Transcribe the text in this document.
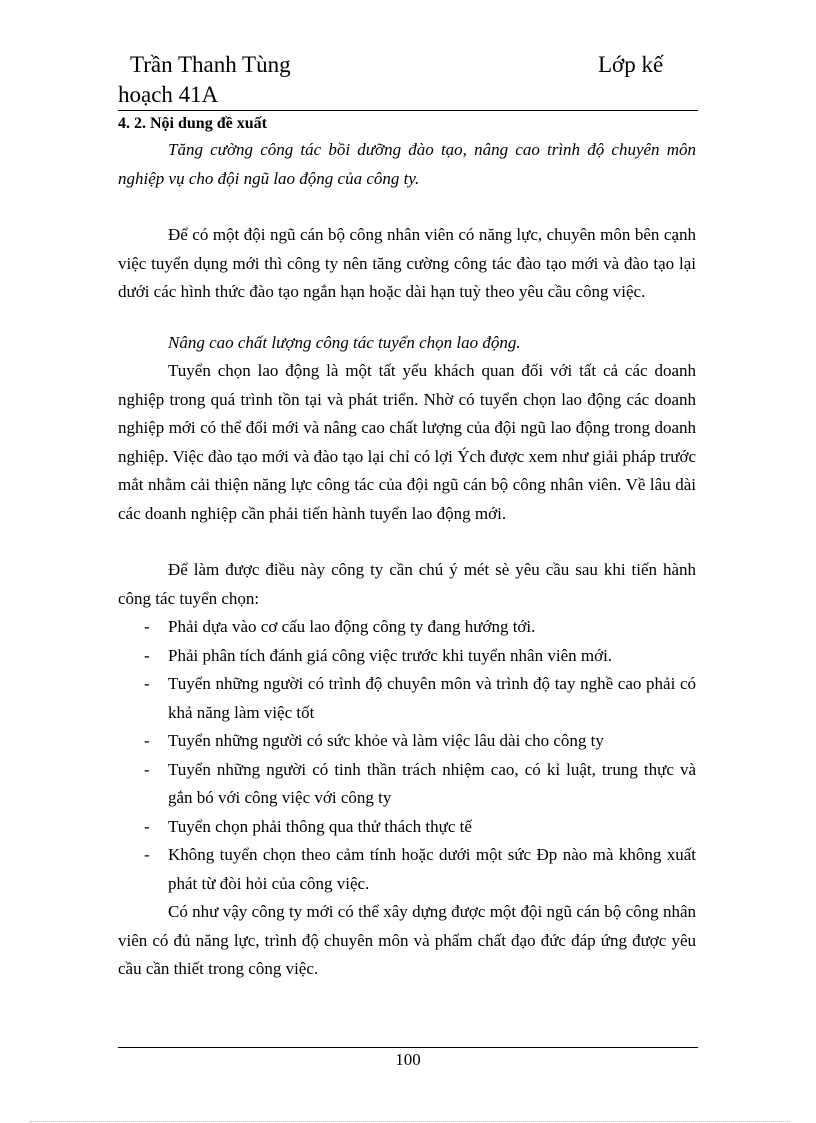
Trần Thanh Tùng	Lớp kế
hoạch 41A

4. 2. Nội dung đề xuất

Tăng cường công tác bồi dưỡng đào tạo, nâng cao trình độ chuyên môn nghiệp vụ cho đội ngũ lao động của công ty.

Để có một đội ngũ cán bộ công nhân viên có năng lực, chuyên môn bên cạnh việc tuyển dụng mới thì công ty nên tăng cường công tác đào tạo mới và đào tạo lại dưới các hình thức đào tạo ngắn hạn hoặc dài hạn tuỳ theo yêu cầu công việc.

Nâng cao chất lượng công tác tuyển chọn lao động.

Tuyển chọn lao động là một tất yếu khách quan đối với tất cả các doanh nghiệp trong quá trình tồn tại và phát triển. Nhờ có tuyển chọn lao động các doanh nghiệp mới có thể đổi mới và nâng cao chất lượng của đội ngũ lao động trong doanh nghiệp. Việc đào tạo mới và đào tạo lại chỉ có lợi Ých được xem như giải pháp trước mắt nhằm cải thiện năng lực công tác của đội ngũ cán bộ công nhân viên. Về lâu dài các doanh nghiệp cần phải tiến hành tuyển lao động mới.

Để làm được điều này công ty cần chú ý mét sè yêu cầu sau khi tiến hành công tác tuyển chọn:

- Phải dựa vào cơ cấu lao động công ty đang hướng tới.

- Phải phân tích đánh giá công việc trước khi tuyển nhân viên mới.

- Tuyển những người có trình độ chuyên môn và trình độ tay nghề cao phải có khả năng làm việc tốt

- Tuyển những người có sức khỏe và làm việc lâu dài cho công ty

- Tuyển những người có tinh thần trách nhiệm cao, có kỉ luật, trung thực và gắn bó với công việc với công ty

- Tuyển chọn phải thông qua thử thách thực tế

- Không tuyển chọn theo cảm tính hoặc dưới một sức Ðp nào mà không xuất phát từ đòi hỏi của công việc.

Có như vậy công ty mới có thể xây dựng được một đội ngũ cán bộ công nhân viên có đủ năng lực, trình độ chuyên môn và phẩm chất đạo đức đáp ứng được yêu cầu cần thiết trong công việc.

100
